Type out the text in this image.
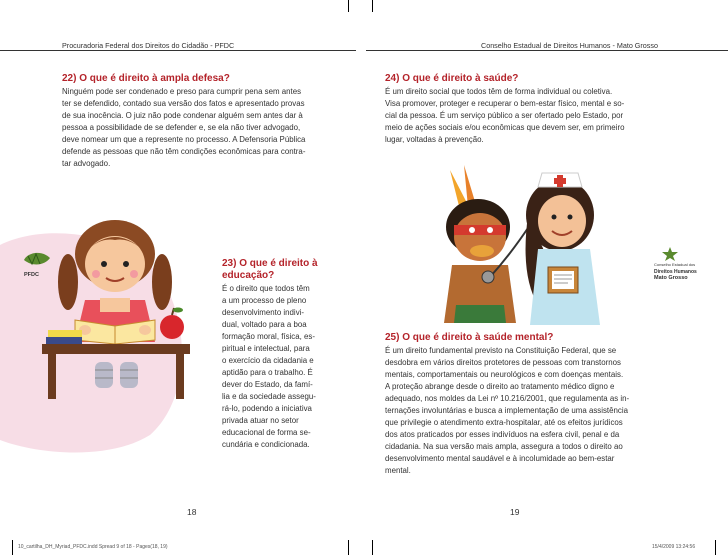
Procuradoria Federal dos Direitos do Cidadão - PFDC	Conselho Estadual de Direitos Humanos - Mato Grosso
22) O que é direito à ampla defesa?
Ninguém pode ser condenado e preso para cumprir pena sem antes
ter se defendido, contado sua versão dos fatos e apresentado provas
de sua inocência. O juiz não pode condenar alguém sem antes dar à
pessoa a possibilidade de se defender e, se ela não tiver advogado,
deve nomear um que a represente no processo. A Defensoria Pública
defende as pessoas que não têm condições econômicas para contra-
tar advogado.
24) O que é direito à saúde?
É um direito social que todos têm de forma individual ou coletiva.
Visa promover, proteger e recuperar o bem-estar físico, mental e so-
cial da pessoa. É um serviço público a ser ofertado pelo Estado, por
meio de ações sociais e/ou econômicas que devem ser, em primeiro
lugar, voltadas à prevenção.
PFDC
23) O que é direito à
educação?
É o direito que todos têm
a um processo de pleno
desenvolvimento indivi-
dual, voltado para a boa
formação moral, física, es-
piritual e intelectual, para
o exercício da cidadania e
aptidão para o trabalho. É
dever do Estado, da famí-
lia e da sociedade assegu-
rá-lo, podendo a iniciativa
privada atuar no setor
educacional de forma se-
cundária e condicionada.
Conselho Estadual dos
Direitos Humanos
Mato Grosso
25) O que é direito à saúde mental?
É um direito fundamental previsto na Constituição Federal, que se
desdobra em vários direitos protetores de pessoas com transtornos
mentais, comportamentais ou neurológicos e com doenças mentais.
A proteção abrange desde o direito ao tratamento médico digno e
adequado, nos moldes da Lei nº 10.216/2001, que regulamenta as in-
ternações involuntárias e busca a implementação de uma assistência
que privilegie o atendimento extra-hospitalar, até os efeitos jurídicos
dos atos praticados por esses indivíduos na esfera civil, penal e da
cidadania. Na sua versão mais ampla, assegura a todos o direito ao
desenvolvimento mental saudável e à incolumidade ao bem-estar
mental.
18	19
10_cartilha_DH_Myriad_PFDC.indd Spread 9 of 18 - Pages(18, 19)	15/4/2009 13:24:56
